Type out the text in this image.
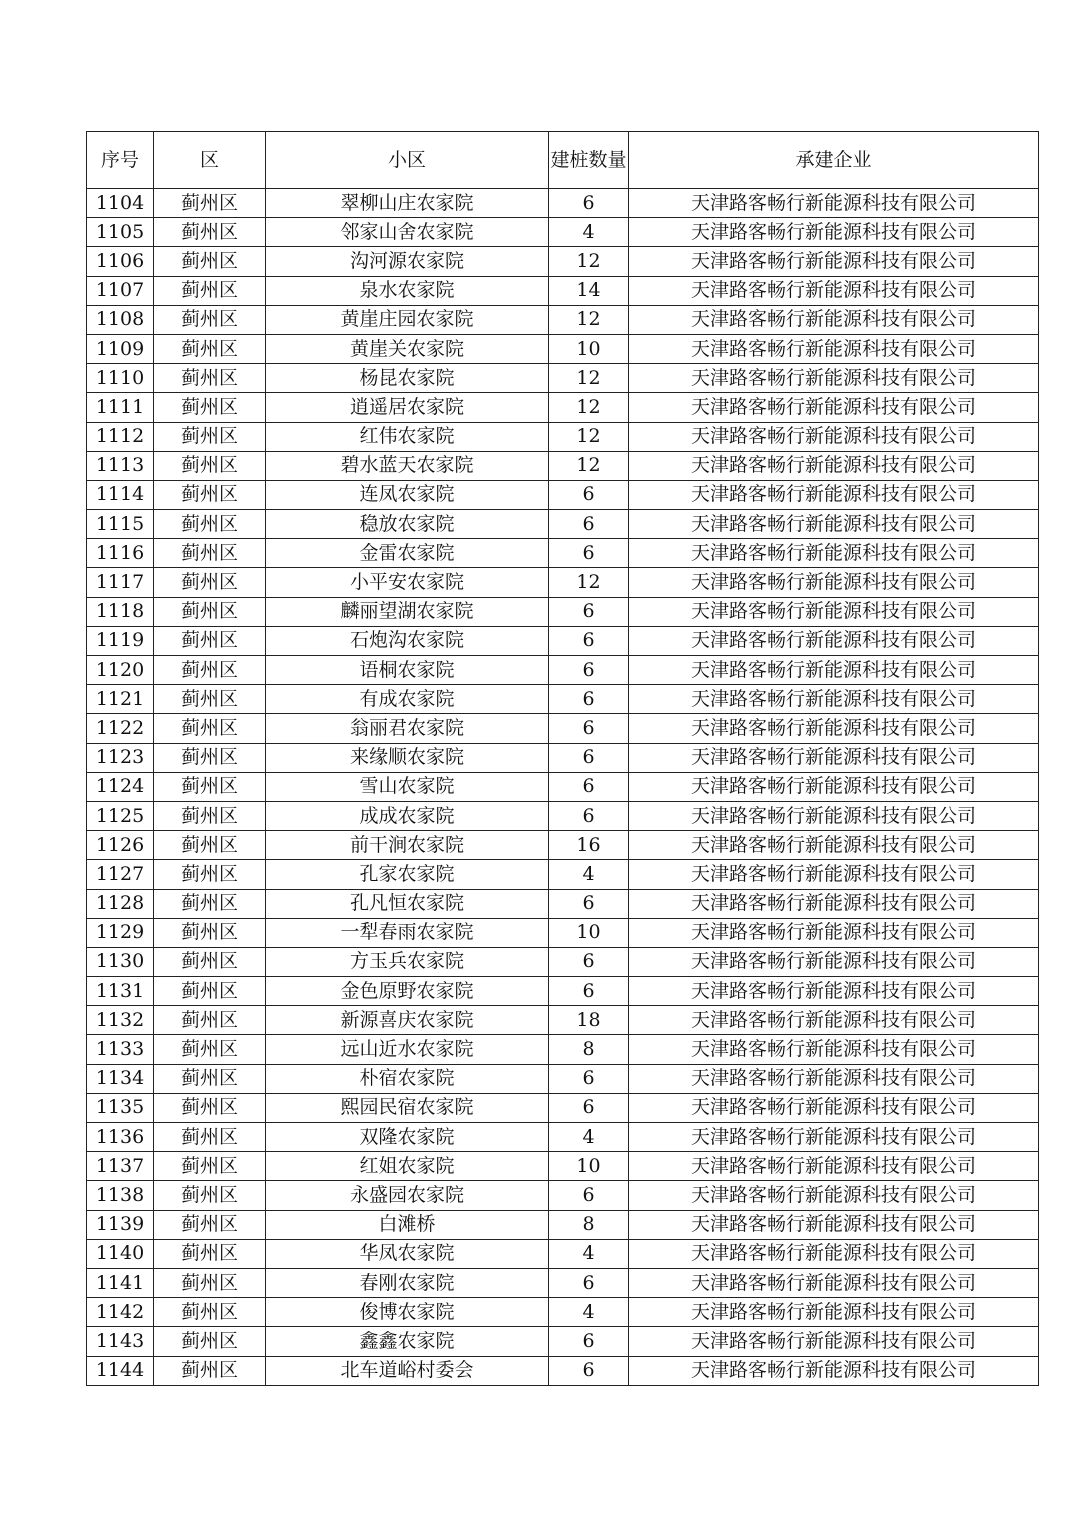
序号	区	小区	建桩数量	承建企业
1104	蓟州区	翠柳山庄农家院	6	天津路客畅行新能源科技有限公司
1105	蓟州区	邻家山舍农家院	4	天津路客畅行新能源科技有限公司
1106	蓟州区	沟河源农家院	12	天津路客畅行新能源科技有限公司
1107	蓟州区	泉水农家院	14	天津路客畅行新能源科技有限公司
1108	蓟州区	黄崖庄园农家院	12	天津路客畅行新能源科技有限公司
1109	蓟州区	黄崖关农家院	10	天津路客畅行新能源科技有限公司
1110	蓟州区	杨昆农家院	12	天津路客畅行新能源科技有限公司
1111	蓟州区	逍遥居农家院	12	天津路客畅行新能源科技有限公司
1112	蓟州区	红伟农家院	12	天津路客畅行新能源科技有限公司
1113	蓟州区	碧水蓝天农家院	12	天津路客畅行新能源科技有限公司
1114	蓟州区	连凤农家院	6	天津路客畅行新能源科技有限公司
1115	蓟州区	稳放农家院	6	天津路客畅行新能源科技有限公司
1116	蓟州区	金雷农家院	6	天津路客畅行新能源科技有限公司
1117	蓟州区	小平安农家院	12	天津路客畅行新能源科技有限公司
1118	蓟州区	麟丽望湖农家院	6	天津路客畅行新能源科技有限公司
1119	蓟州区	石炮沟农家院	6	天津路客畅行新能源科技有限公司
1120	蓟州区	语桐农家院	6	天津路客畅行新能源科技有限公司
1121	蓟州区	有成农家院	6	天津路客畅行新能源科技有限公司
1122	蓟州区	翁丽君农家院	6	天津路客畅行新能源科技有限公司
1123	蓟州区	来缘顺农家院	6	天津路客畅行新能源科技有限公司
1124	蓟州区	雪山农家院	6	天津路客畅行新能源科技有限公司
1125	蓟州区	成成农家院	6	天津路客畅行新能源科技有限公司
1126	蓟州区	前干涧农家院	16	天津路客畅行新能源科技有限公司
1127	蓟州区	孔家农家院	4	天津路客畅行新能源科技有限公司
1128	蓟州区	孔凡恒农家院	6	天津路客畅行新能源科技有限公司
1129	蓟州区	一犁春雨农家院	10	天津路客畅行新能源科技有限公司
1130	蓟州区	方玉兵农家院	6	天津路客畅行新能源科技有限公司
1131	蓟州区	金色原野农家院	6	天津路客畅行新能源科技有限公司
1132	蓟州区	新源喜庆农家院	18	天津路客畅行新能源科技有限公司
1133	蓟州区	远山近水农家院	8	天津路客畅行新能源科技有限公司
1134	蓟州区	朴宿农家院	6	天津路客畅行新能源科技有限公司
1135	蓟州区	熙园民宿农家院	6	天津路客畅行新能源科技有限公司
1136	蓟州区	双隆农家院	4	天津路客畅行新能源科技有限公司
1137	蓟州区	红姐农家院	10	天津路客畅行新能源科技有限公司
1138	蓟州区	永盛园农家院	6	天津路客畅行新能源科技有限公司
1139	蓟州区	白滩桥	8	天津路客畅行新能源科技有限公司
1140	蓟州区	华凤农家院	4	天津路客畅行新能源科技有限公司
1141	蓟州区	春刚农家院	6	天津路客畅行新能源科技有限公司
1142	蓟州区	俊博农家院	4	天津路客畅行新能源科技有限公司
1143	蓟州区	鑫鑫农家院	6	天津路客畅行新能源科技有限公司
1144	蓟州区	北车道峪村委会	6	天津路客畅行新能源科技有限公司
